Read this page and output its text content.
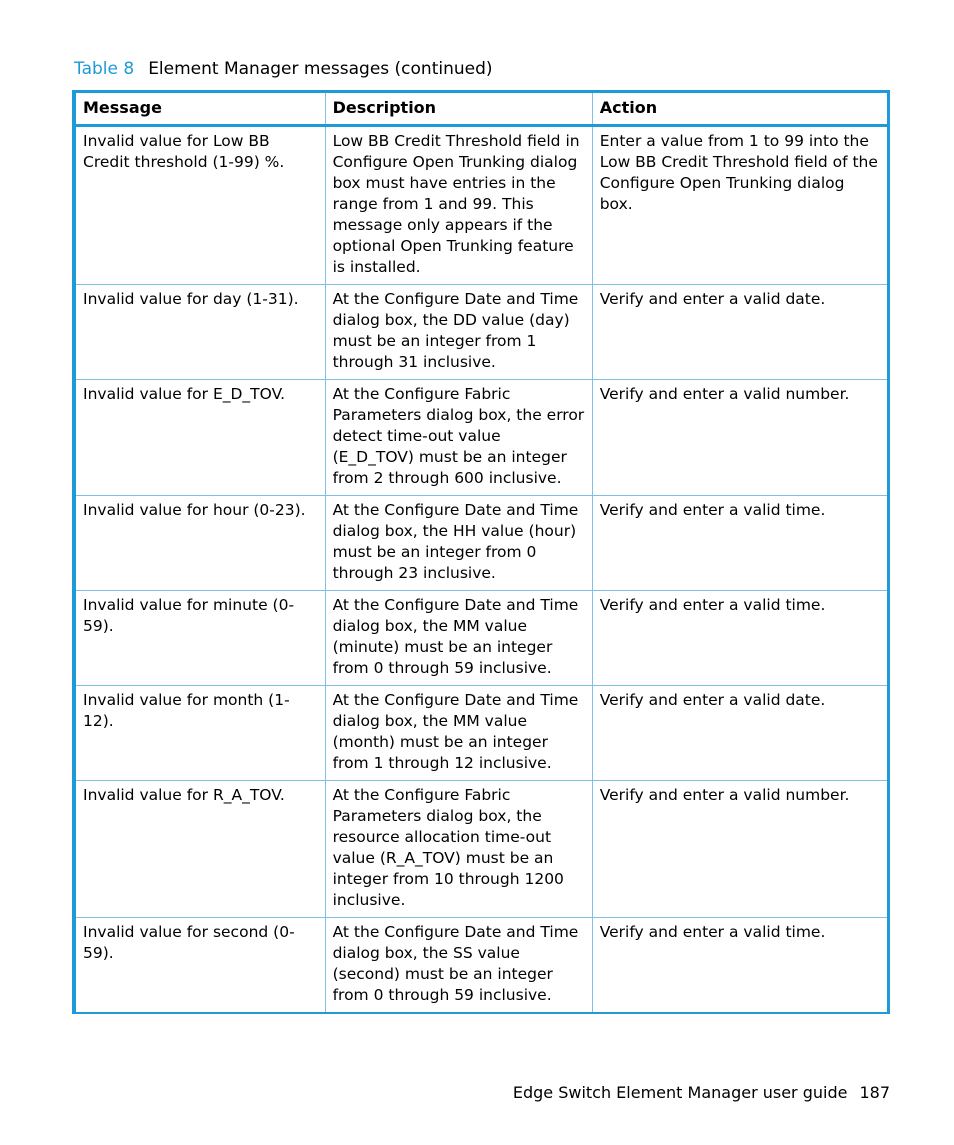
Table 8 Element Manager messages (continued)
Message	Description	Action
Invalid value for Low BB Credit threshold (1-99) %.	Low BB Credit Threshold field in Configure Open Trunking dialog box must have entries in the range from 1 and 99. This message only appears if the optional Open Trunking feature is installed.	Enter a value from 1 to 99 into the Low BB Credit Threshold field of the Configure Open Trunking dialog box.
Invalid value for day (1-31).	At the Configure Date and Time dialog box, the DD value (day) must be an integer from 1 through 31 inclusive.	Verify and enter a valid date.
Invalid value for E_D_TOV.	At the Configure Fabric Parameters dialog box, the error detect time-out value (E_D_TOV) must be an integer from 2 through 600 inclusive.	Verify and enter a valid number.
Invalid value for hour (0-23).	At the Configure Date and Time dialog box, the HH value (hour) must be an integer from 0 through 23 inclusive.	Verify and enter a valid time.
Invalid value for minute (0-59).	At the Configure Date and Time dialog box, the MM value (minute) must be an integer from 0 through 59 inclusive.	Verify and enter a valid time.
Invalid value for month (1-12).	At the Configure Date and Time dialog box, the MM value (month) must be an integer from 1 through 12 inclusive.	Verify and enter a valid date.
Invalid value for R_A_TOV.	At the Configure Fabric Parameters dialog box, the resource allocation time-out value (R_A_TOV) must be an integer from 10 through 1200 inclusive.	Verify and enter a valid number.
Invalid value for second (0-59).	At the Configure Date and Time dialog box, the SS value (second) must be an integer from 0 through 59 inclusive.	Verify and enter a valid time.
Edge Switch Element Manager user guide 187
